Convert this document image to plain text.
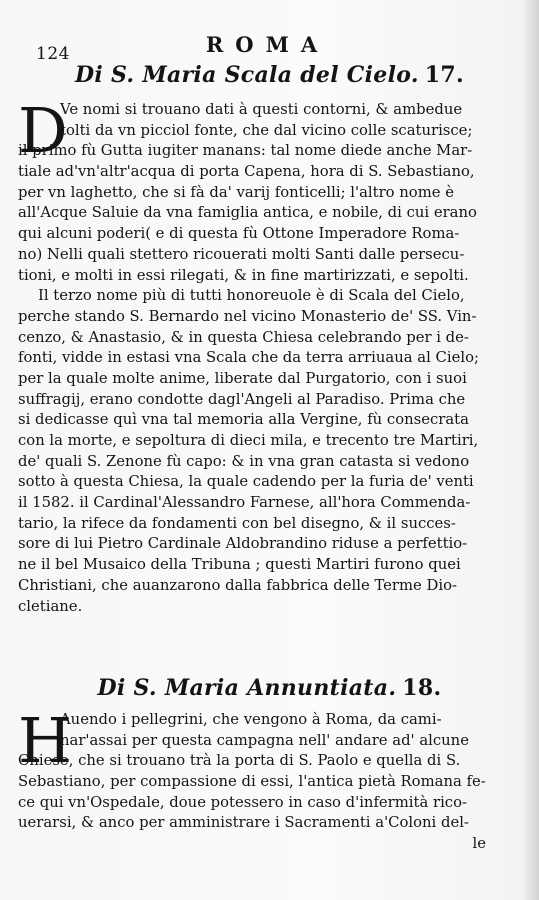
124	ROMA
Di S. Maria Scala del Cielo. 17.
D
Ve nomi si trouano dati à questi contorni, & ambedue
tolti da vn picciol fonte, che dal vicino colle scaturisce;
il primo fù Gutta iugiter manans: tal nome diede anche Mar-
tiale ad'vn'altr'acqua di porta Capena, hora di S. Sebastiano,
per vn laghetto, che si fà da' varij fonticelli; l'altro nome è
all'Acque Saluie da vna famiglia antica, e nobile, di cui erano
qui alcuni poderi( e di questa fù Ottone Imperadore Roma-
no) Nelli quali stettero ricouerati molti Santi dalle persecu-
tioni, e molti in essi rilegati, & in fine martirizzati, e sepolti.
Il terzo nome più di tutti honoreuole è di Scala del Cielo,
perche stando S. Bernardo nel vicino Monasterio de' SS. Vin-
cenzo, & Anastasio, & in questa Chiesa celebrando per i de-
fonti, vidde in estasi vna Scala che da terra arriuaua al Cielo;
per la quale molte anime, liberate dal Purgatorio, con i suoi
suffragij, erano condotte dagl'Angeli al Paradiso. Prima che
si dedicasse quì vna tal memoria alla Vergine, fù consecrata
con la morte, e sepoltura di dieci mila, e trecento tre Martiri,
de' quali S. Zenone fù capo: & in vna gran catasta si vedono
sotto à questa Chiesa, la quale cadendo per la furia de' venti
il 1582. il Cardinal'Alessandro Farnese, all'hora Commenda-
tario, la rifece da fondamenti con bel disegno, & il succes-
sore di lui Pietro Cardinale Aldobrandino riduse a perfettio-
ne il bel Musaico della Tribuna ; questi Martiri furono quei
Christiani, che auanzarono dalla fabbrica delle Terme Dio-
cletiane.
Di S. Maria Annuntiata. 18.
H
Auendo i pellegrini, che vengono à Roma, da cami-
nar'assai per questa campagna nell' andare ad' alcune
Chiese, che si trouano trà la porta di S. Paolo e quella di S.
Sebastiano, per compassione di essi, l'antica pietà Romana fe-
ce qui vn'Ospedale, doue potessero in caso d'infermità rico-
uerarsi, & anco per amministrare i Sacramenti a'Coloni del-
le
